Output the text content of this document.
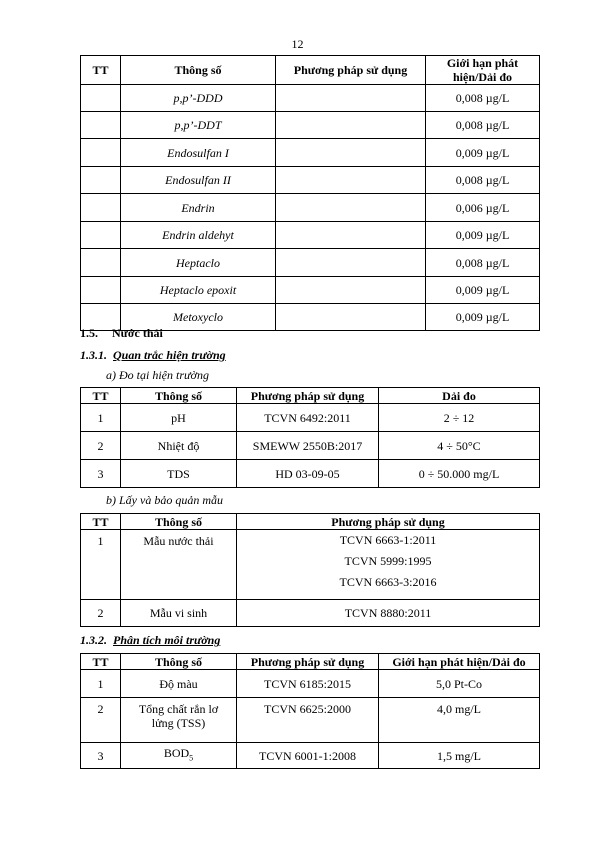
12
TT	Thông số	Phương pháp sử dụng	Giới hạn phát hiện/Dải đo
	p,p’-DDD		0,008 µg/L
	p,p’-DDT		0,008 µg/L
	Endosulfan I		0,009 µg/L
	Endosulfan II		0,008 µg/L
	Endrin		0,006 µg/L
	Endrin aldehyt		0,009 µg/L
	Heptaclo		0,008 µg/L
	Heptaclo epoxit		0,009 µg/L
	Metoxyclo		0,009 µg/L
1.5. Nước thải
1.3.1. Quan trắc hiện trường
a) Đo tại hiện trường
TT	Thông số	Phương pháp sử dụng	Dải đo
1	pH	TCVN 6492:2011	2 ÷ 12
2	Nhiệt độ	SMEWW 2550B:2017	4 ÷ 50°C
3	TDS	HD 03-09-05	0 ÷ 50.000 mg/L
b) Lấy và bảo quản mẫu
TT	Thông số	Phương pháp sử dụng
1	Mẫu nước thải	TCVN 6663-1:2011
TCVN 5999:1995
TCVN 6663-3:2016

2	Mẫu vi sinh	TCVN 8880:2011
1.3.2. Phân tích môi trường
TT	Thông số	Phương pháp sử dụng	Giới hạn phát hiện/Dải đo
1	Độ màu	TCVN 6185:2015	5,0 Pt-Co
2	Tổng chất rắn lơ lửng (TSS)	TCVN 6625:2000	4,0 mg/L
3	$BOD_5$	TCVN 6001-1:2008	1,5 mg/L
